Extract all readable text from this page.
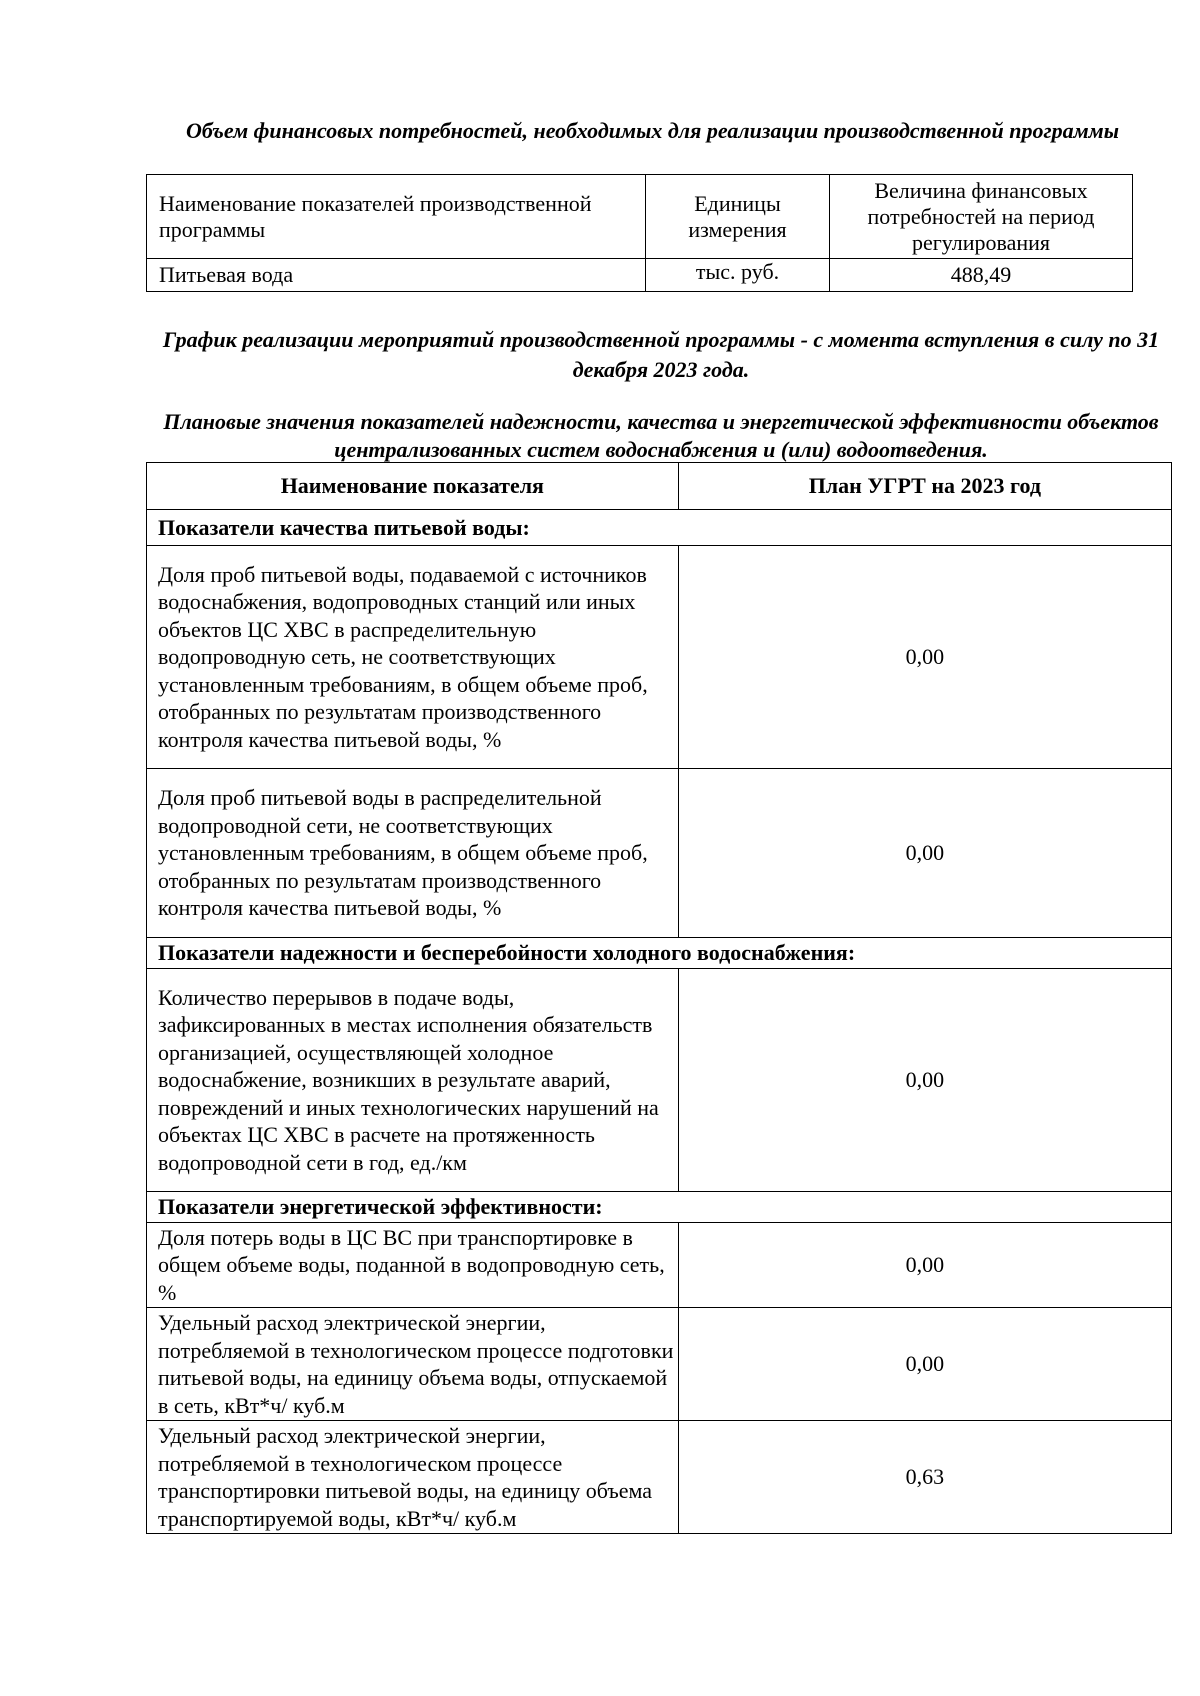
Объем финансовых потребностей, необходимых для реализации производственной программы
Наименование показателей производственной программы	Единицы измерения	Величина финансовых потребностей на период регулирования
Питьевая вода	тыс. руб.	488,49
График реализации мероприятий производственной программы - с момента вступления в силу по 31 декабря 2023 года.
Плановые значения показателей надежности, качества и энергетической эффективности объектов централизованных систем водоснабжения и (или) водоотведения.
Наименование показателя	План УГРТ на 2023 год
Показатели качества питьевой воды:	
Доля проб питьевой воды, подаваемой с источников водоснабжения, водопроводных станций или иных объектов ЦС ХВС в распределительную водопроводную сеть, не соответствующих установленным требованиям, в общем объеме проб, отобранных по результатам производственного контроля качества питьевой воды, %	0,00
Доля проб питьевой воды в распределительной водопроводной сети, не соответствующих установленным требованиям, в общем объеме проб, отобранных по результатам производственного контроля качества питьевой воды, %	0,00
Показатели надежности и бесперебойности холодного водоснабжения:	
Количество перерывов в подаче воды, зафиксированных в местах исполнения обязательств организацией, осуществляющей холодное водоснабжение, возникших в результате аварий, повреждений и иных технологических нарушений на объектах ЦС ХВС в расчете на протяженность водопроводной сети в год, ед./км	0,00
Показатели энергетической эффективности:	
Доля потерь воды в ЦС ВС при транспортировке в общем объеме воды, поданной в водопроводную сеть, %	0,00
Удельный расход электрической энергии, потребляемой в технологическом процессе подготовки питьевой воды, на единицу объема воды, отпускаемой в сеть, кВт*ч/ куб.м	0,00
Удельный расход электрической энергии, потребляемой в технологическом процессе транспортировки питьевой воды, на единицу объема транспортируемой воды, кВт*ч/ куб.м	0,63
